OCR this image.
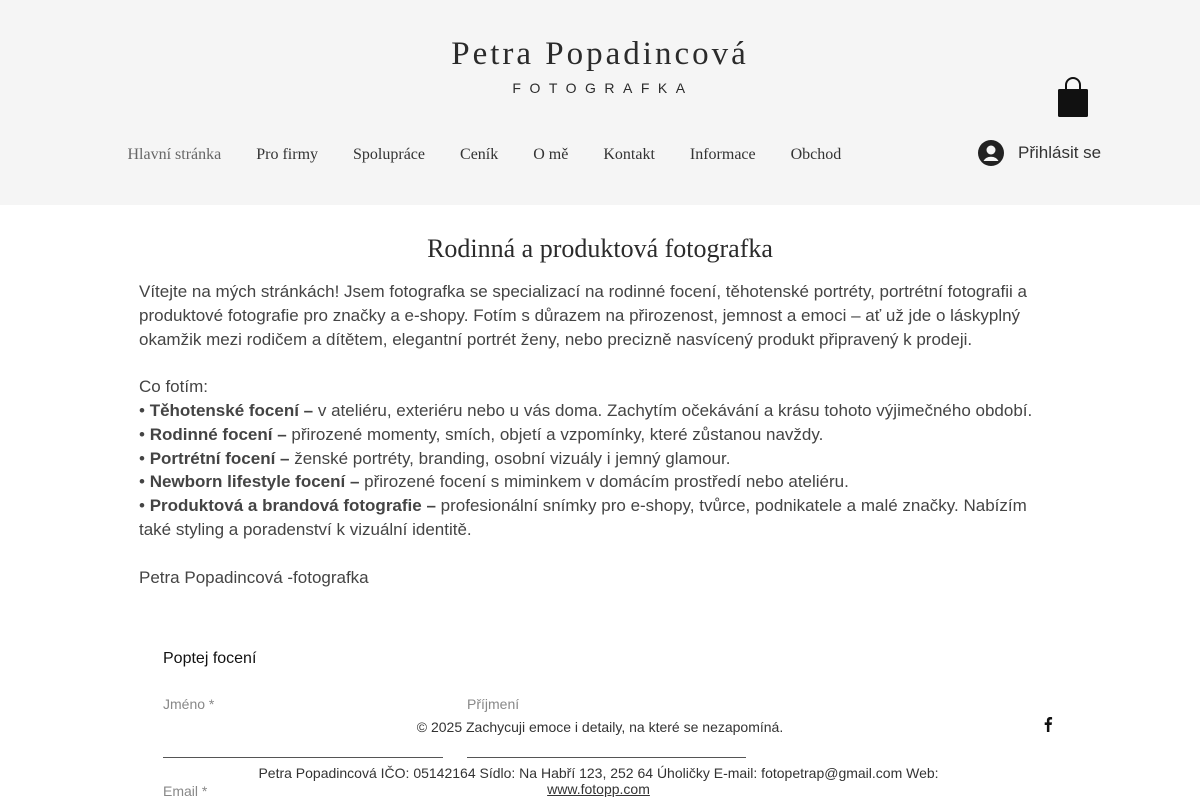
Petra Popadincová
FOTOGRAFKA
Hlavní stránka	Pro firmy	Spolupráce	Ceník	O mě	Kontakt	Informace	Obchod	Přihlásit se
Rodinná a produktová fotografka

Vítejte na mých stránkách! Jsem fotografka se specializací na rodinné focení, těhotenské portréty, portrétní fotografii a produktové fotografie pro značky a e-shopy. Fotím s důrazem na přirozenost, jemnost a emoci – ať už jde o láskyplný okamžik mezi rodičem a dítětem, elegantní portrét ženy, nebo precizně nasvícený produkt připravený k prodeji.

Co fotím:

• Těhotenské focení – v ateliéru, exteriéru nebo u vás doma. Zachytím očekávání a krásu tohoto výjimečného období.

• Rodinné focení – přirozené momenty, smích, objetí a vzpomínky, které zůstanou navždy.

• Portrétní focení – ženské portréty, branding, osobní vizuály i jemný glamour.

• Newborn lifestyle focení – přirozené focení s miminkem v domácím prostředí nebo ateliéru.

• Produktová a brandová fotografie – profesionální snímky pro e-shopy, tvůrce, podnikatele a malé značky. Nabízím také styling a poradenství k vizuální identitě.

Petra Popadincová -fotografka

Poptej focení
Jméno *	Příjmení
Email *
© 2025 Zachycuji emoce i detaily, na které se nezapomíná.
Petra Popadincová IČO: 05142164 Sídlo: Na Habří 123, 252 64 Úholičky E-mail: fotopetrap@gmail.com Web:
www.fotopp.com
